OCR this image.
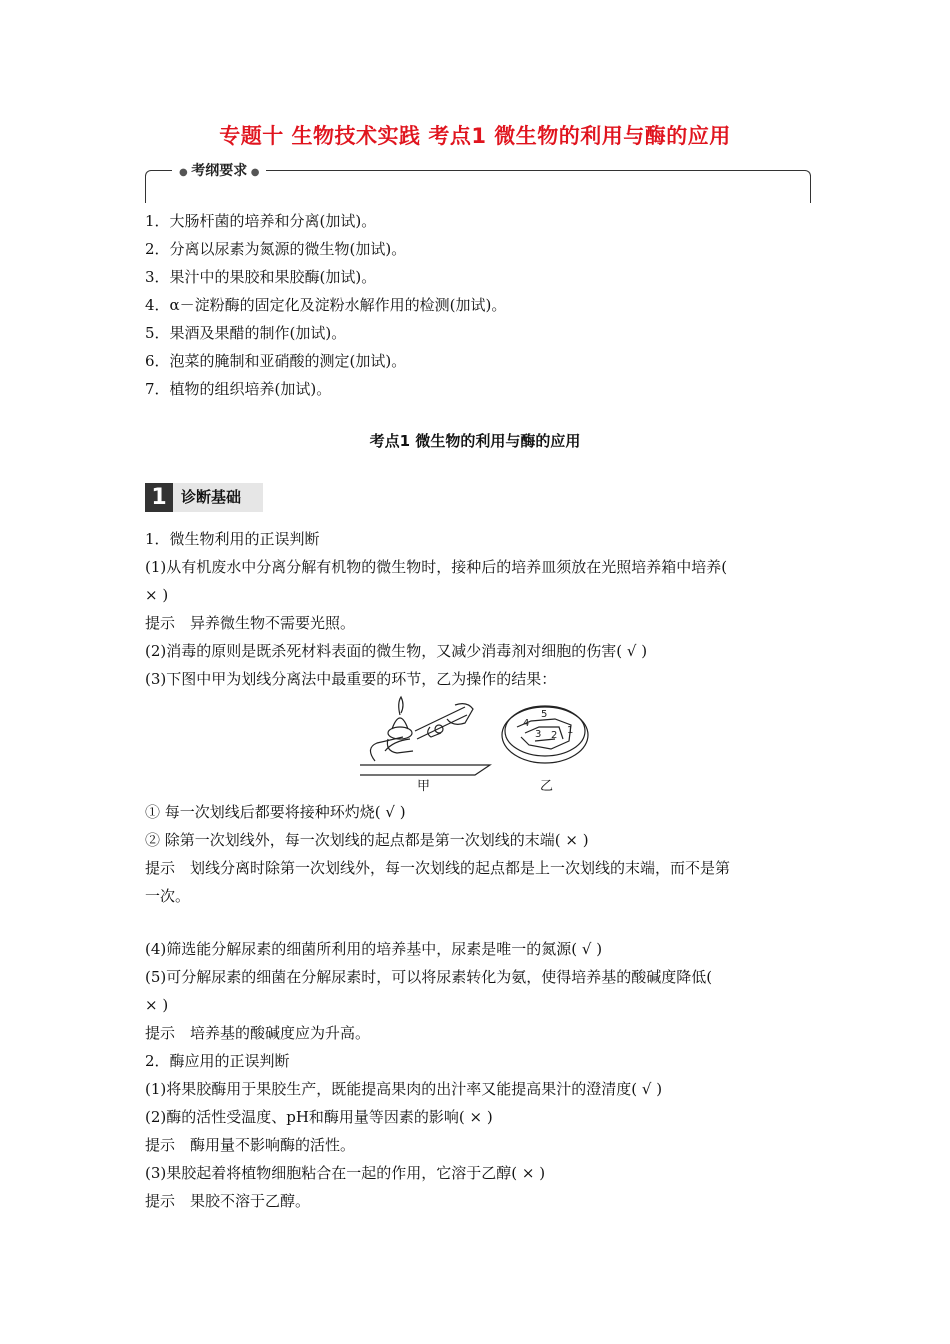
专题十 生物技术实践 考点1 微生物的利用与酶的应用
● 考纲要求 ●
1．大肠杆菌的培养和分离(加试)。
2．分离以尿素为氮源的微生物(加试)。
3．果汁中的果胶和果胶酶(加试)。
4．α－淀粉酶的固定化及淀粉水解作用的检测(加试)。
5．果酒及果醋的制作(加试)。
6．泡菜的腌制和亚硝酸的测定(加试)。
7．植物的组织培养(加试)。
考点1 微生物的利用与酶的应用
1 诊断基础
1．微生物利用的正误判断
(1)从有机废水中分离分解有机物的微生物时，接种后的培养皿须放在光照培养箱中培养(
× )
提示　异养微生物不需要光照。
(2)消毒的原则是既杀死材料表面的微生物，又减少消毒剂对细胞的伤害( √ )
(3)下图中甲为划线分离法中最重要的环节，乙为操作的结果：
4
5
3 2 1
甲	乙
① 每一次划线后都要将接种环灼烧( √ )
② 除第一次划线外，每一次划线的起点都是第一次划线的末端( × )
提示　划线分离时除第一次划线外，每一次划线的起点都是上一次划线的末端，而不是第
一次。
(4)筛选能分解尿素的细菌所利用的培养基中，尿素是唯一的氮源( √ )
(5)可分解尿素的细菌在分解尿素时，可以将尿素转化为氨，使得培养基的酸碱度降低(
× )
提示　培养基的酸碱度应为升高。
2．酶应用的正误判断
(1)将果胶酶用于果胶生产，既能提高果肉的出汁率又能提高果汁的澄清度( √ )
(2)酶的活性受温度、pH和酶用量等因素的影响( × )
提示　酶用量不影响酶的活性。
(3)果胶起着将植物细胞粘合在一起的作用，它溶于乙醇( × )
提示　果胶不溶于乙醇。
